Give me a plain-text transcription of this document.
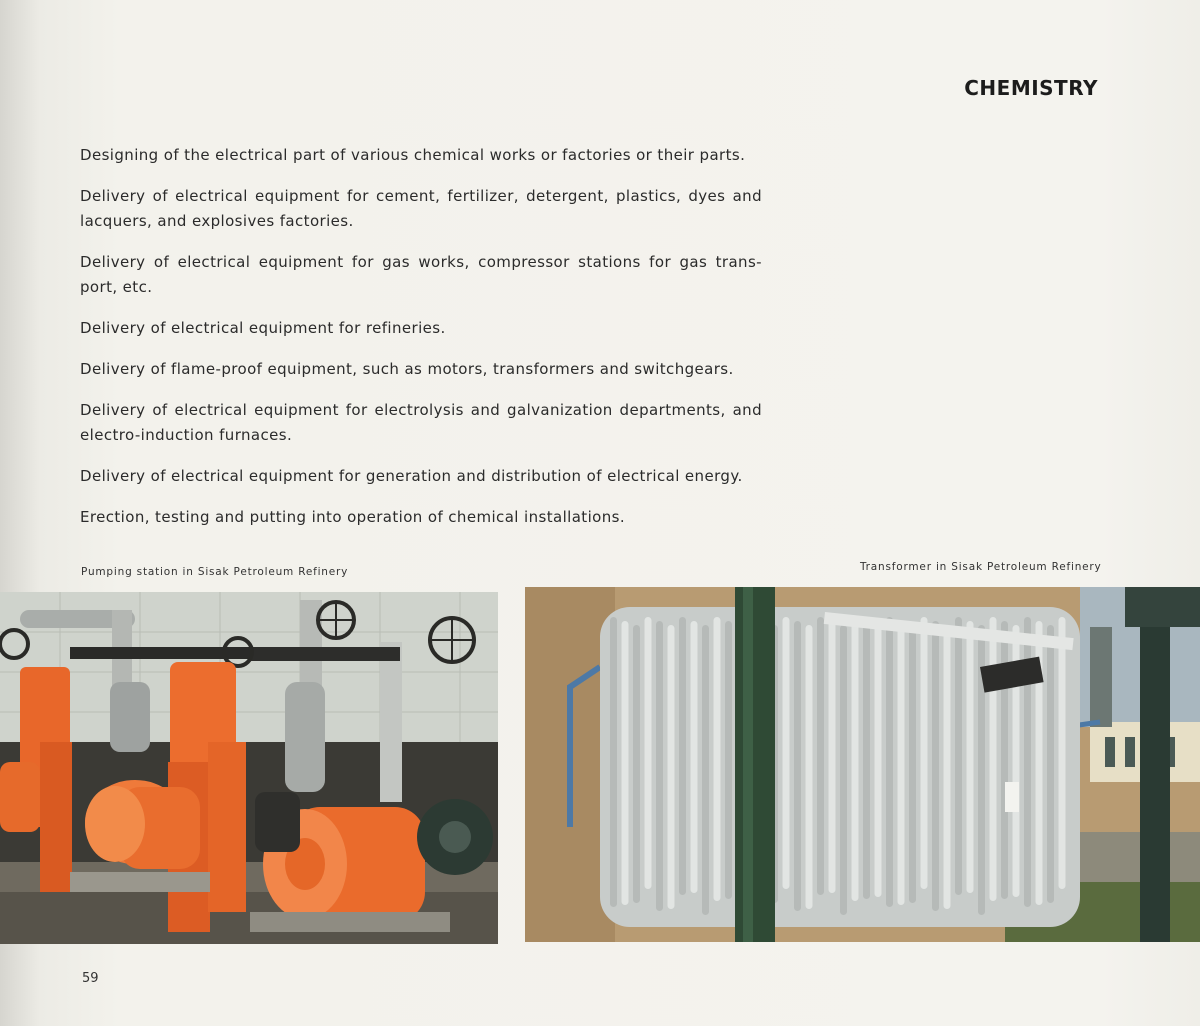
CHEMISTRY

Designing of the electrical part of various chemical works or factories or their parts.

Delivery of electrical equipment for cement, fertilizer, detergent, plastics, dyes and lacquers, and explosives factories.

Delivery of electrical equipment for gas works, compressor stations for gas trans-port, etc.

Delivery of electrical equipment for refineries.

Delivery of flame-proof equipment, such as motors, transformers and switchgears.

Delivery of electrical equipment for electrolysis and galvanization departments, and electro-induction furnaces.

Delivery of electrical equipment for generation and distribution of electrical energy.

Erection, testing and putting into operation of chemical installations.

Pumping station in Sisak Petroleum Refinery	Transformer in Sisak Petroleum Refinery
59
